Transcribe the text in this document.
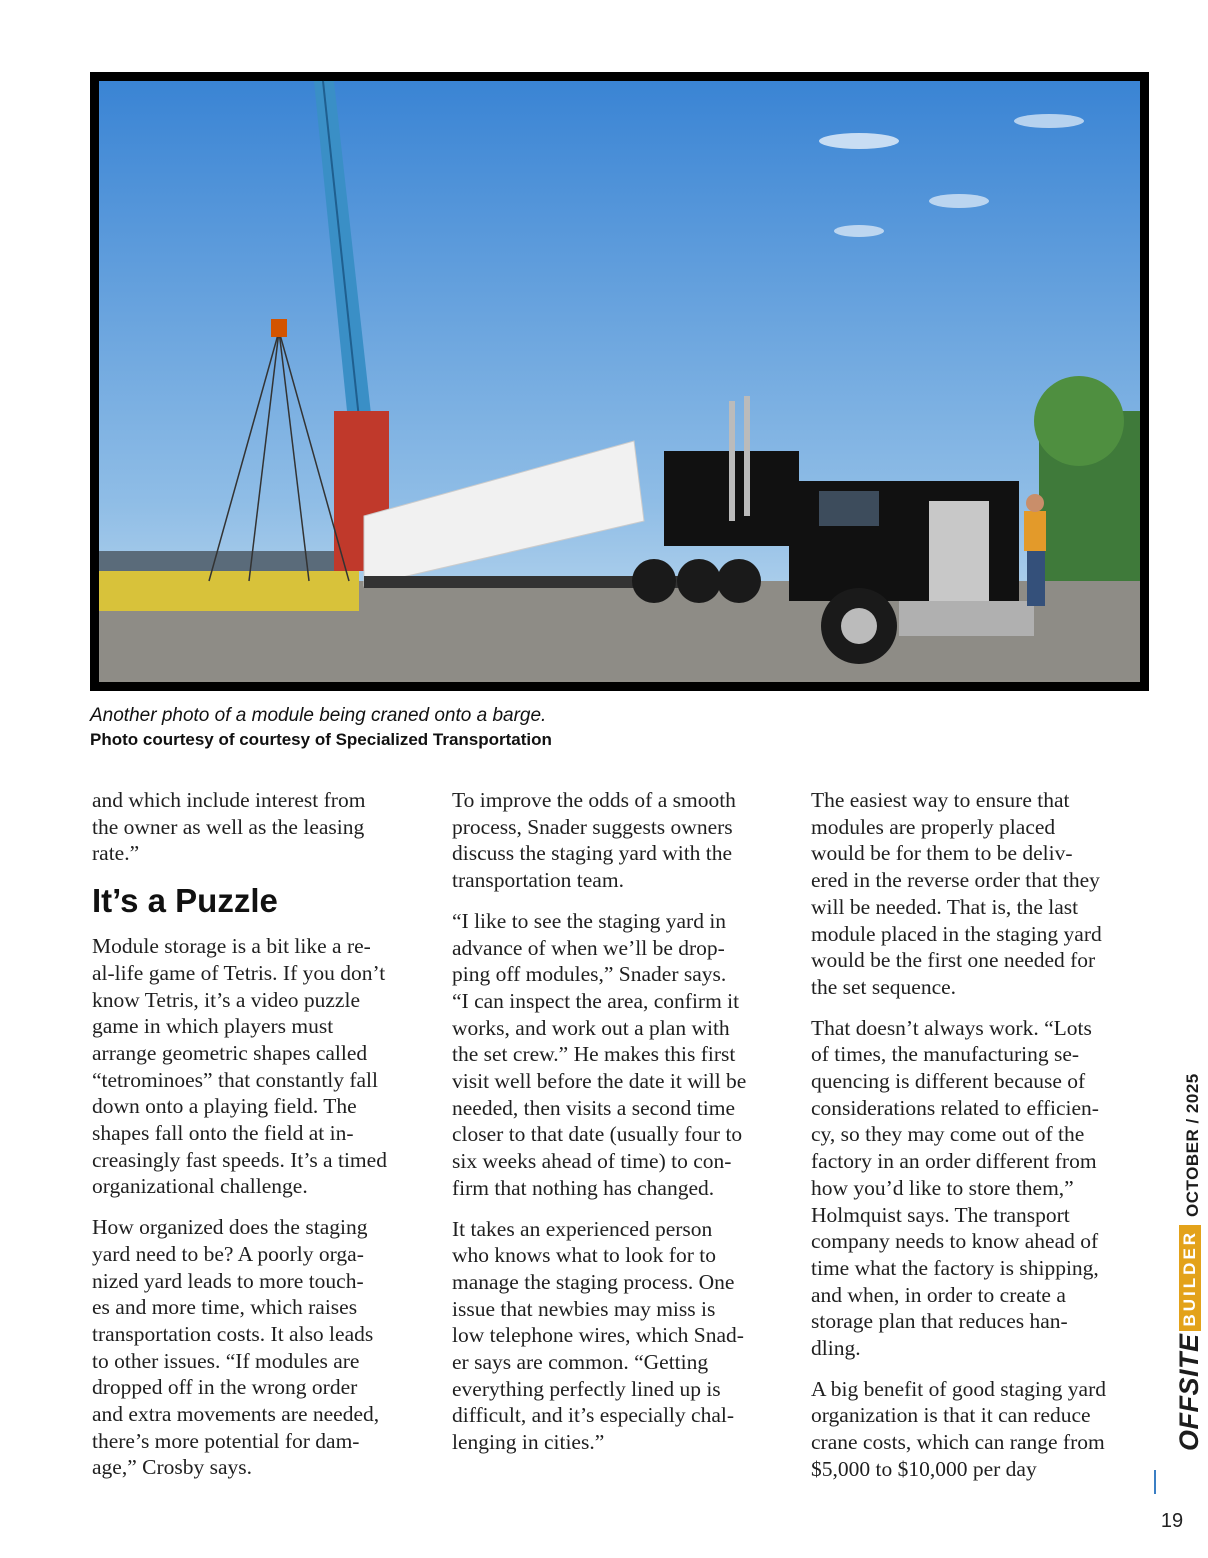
Another photo of a module being craned onto a barge.
Photo courtesy of courtesy of Specialized Transportation

and which include interest from
the owner as well as the leasing
rate.”

It’s a Puzzle

Module storage is a bit like a re-
al-life game of Tetris. If you don’t
know Tetris, it’s a video puzzle
game in which players must
arrange geometric shapes called
“tetrominoes” that constantly fall
down onto a playing field. The
shapes fall onto the field at in-
creasingly fast speeds. It’s a timed
organizational challenge.

How organized does the staging
yard need to be? A poorly orga-
nized yard leads to more touch-
es and more time, which raises
transportation costs. It also leads
to other issues. “If modules are
dropped off in the wrong order
and extra movements are needed,
there’s more potential for dam-
age,” Crosby says.

To improve the odds of a smooth
process, Snader suggests owners
discuss the staging yard with the
transportation team.

“I like to see the staging yard in
advance of when we’ll be drop-
ping off modules,” Snader says.
“I can inspect the area, confirm it
works, and work out a plan with
the set crew.” He makes this first
visit well before the date it will be
needed, then visits a second time
closer to that date (usually four to
six weeks ahead of time) to con-
firm that nothing has changed.

It takes an experienced person
who knows what to look for to
manage the staging process. One
issue that newbies may miss is
low telephone wires, which Snad-
er says are common. “Getting
everything perfectly lined up is
difficult, and it’s especially chal-
lenging in cities.”

The easiest way to ensure that
modules are properly placed
would be for them to be deliv-
ered in the reverse order that they
will be needed. That is, the last
module placed in the staging yard
would be the first one needed for
the set sequence.

That doesn’t always work. “Lots
of times, the manufacturing se-
quencing is different because of
considerations related to efficien-
cy, so they may come out of the
factory in an order different from
how you’d like to store them,”
Holmquist says. The transport
company needs to know ahead of
time what the factory is shipping,
and when, in order to create a
storage plan that reduces han-
dling.

A big benefit of good staging yard
organization is that it can reduce
crane costs, which can range from
$5,000 to $10,000 per day

OFFSITEBUILDEROCTOBER / 2025
19
